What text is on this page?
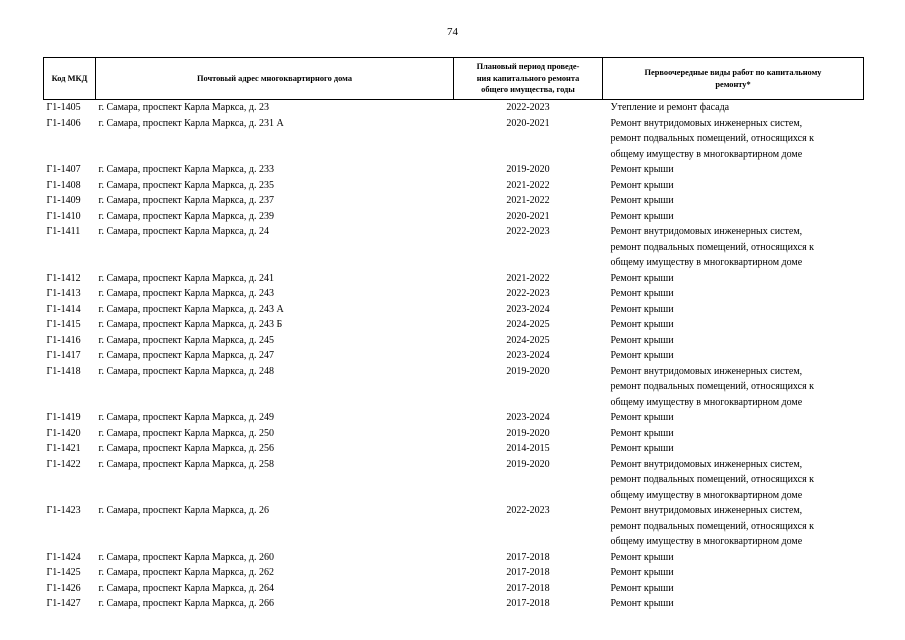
74
Код МКД	Почтовый адрес многоквартирного дома	Плановый период проведе-
ния капитального ремонта
общего имущества, годы	Первоочередные виды работ по капитальному
ремонту*

Г1-1405	г. Самара, проспект Карла Маркса, д. 23	2022-2023	Утепление и ремонт фасада

Г1-1406	г. Самара, проспект Карла Маркса, д. 231 А	2020-2021	Ремонт внутридомовых инженерных систем,
ремонт подвальных помещений, относящихся к
общему имуществу в многоквартирном доме

Г1-1407	г. Самара, проспект Карла Маркса, д. 233	2019-2020	Ремонт крыши

Г1-1408	г. Самара, проспект Карла Маркса, д. 235	2021-2022	Ремонт крыши

Г1-1409	г. Самара, проспект Карла Маркса, д. 237	2021-2022	Ремонт крыши

Г1-1410	г. Самара, проспект Карла Маркса, д. 239	2020-2021	Ремонт крыши

Г1-1411	г. Самара, проспект Карла Маркса, д. 24	2022-2023	Ремонт внутридомовых инженерных систем,
ремонт подвальных помещений, относящихся к
общему имуществу в многоквартирном доме

Г1-1412	г. Самара, проспект Карла Маркса, д. 241	2021-2022	Ремонт крыши

Г1-1413	г. Самара, проспект Карла Маркса, д. 243	2022-2023	Ремонт крыши

Г1-1414	г. Самара, проспект Карла Маркса, д. 243 А	2023-2024	Ремонт крыши

Г1-1415	г. Самара, проспект Карла Маркса, д. 243 Б	2024-2025	Ремонт крыши

Г1-1416	г. Самара, проспект Карла Маркса, д. 245	2024-2025	Ремонт крыши

Г1-1417	г. Самара, проспект Карла Маркса, д. 247	2023-2024	Ремонт крыши

Г1-1418	г. Самара, проспект Карла Маркса, д. 248	2019-2020	Ремонт внутридомовых инженерных систем,
ремонт подвальных помещений, относящихся к
общему имуществу в многоквартирном доме

Г1-1419	г. Самара, проспект Карла Маркса, д. 249	2023-2024	Ремонт крыши

Г1-1420	г. Самара, проспект Карла Маркса, д. 250	2019-2020	Ремонт крыши

Г1-1421	г. Самара, проспект Карла Маркса, д. 256	2014-2015	Ремонт крыши

Г1-1422	г. Самара, проспект Карла Маркса, д. 258	2019-2020	Ремонт внутридомовых инженерных систем,
ремонт подвальных помещений, относящихся к
общему имуществу в многоквартирном доме

Г1-1423	г. Самара, проспект Карла Маркса, д. 26	2022-2023	Ремонт внутридомовых инженерных систем,
ремонт подвальных помещений, относящихся к
общему имуществу в многоквартирном доме

Г1-1424	г. Самара, проспект Карла Маркса, д. 260	2017-2018	Ремонт крыши

Г1-1425	г. Самара, проспект Карла Маркса, д. 262	2017-2018	Ремонт крыши

Г1-1426	г. Самара, проспект Карла Маркса, д. 264	2017-2018	Ремонт крыши

Г1-1427	г. Самара, проспект Карла Маркса, д. 266	2017-2018	Ремонт крыши
